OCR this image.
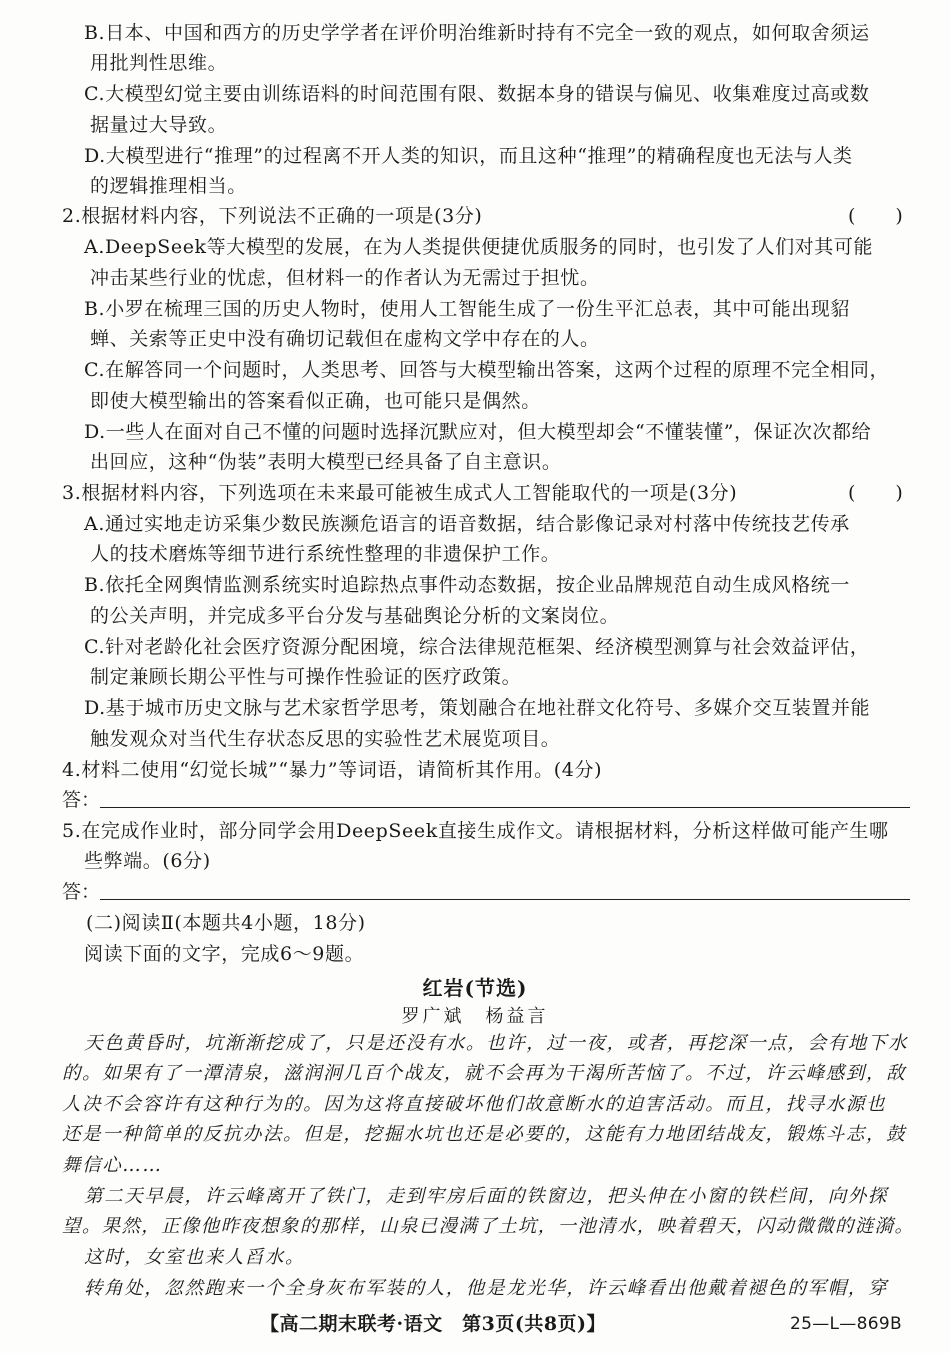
B.日本、中国和西方的历史学学者在评价明治维新时持有不完全一致的观点，如何取舍须运
用批判性思维。
C.大模型幻觉主要由训练语料的时间范围有限、数据本身的错误与偏见、收集难度过高或数
据量过大导致。
D.大模型进行“推理”的过程离不开人类的知识，而且这种“推理”的精确程度也无法与人类
的逻辑推理相当。
2.根据材料内容，下列说法不正确的一项是(3分)	()
A.DeepSeek等大模型的发展，在为人类提供便捷优质服务的同时，也引发了人们对其可能
冲击某些行业的忧虑，但材料一的作者认为无需过于担忧。
B.小罗在梳理三国的历史人物时，使用人工智能生成了一份生平汇总表，其中可能出现貂
蝉、关索等正史中没有确切记载但在虚构文学中存在的人。
C.在解答同一个问题时，人类思考、回答与大模型输出答案，这两个过程的原理不完全相同，
即使大模型输出的答案看似正确，也可能只是偶然。
D.一些人在面对自己不懂的问题时选择沉默应对，但大模型却会“不懂装懂”，保证次次都给
出回应，这种“伪装”表明大模型已经具备了自主意识。
3.根据材料内容，下列选项在未来最可能被生成式人工智能取代的一项是(3分)	()
A.通过实地走访采集少数民族濒危语言的语音数据，结合影像记录对村落中传统技艺传承
人的技术磨炼等细节进行系统性整理的非遗保护工作。
B.依托全网舆情监测系统实时追踪热点事件动态数据，按企业品牌规范自动生成风格统一
的公关声明，并完成多平台分发与基础舆论分析的文案岗位。
C.针对老龄化社会医疗资源分配困境，综合法律规范框架、经济模型测算与社会效益评估，
制定兼顾长期公平性与可操作性验证的医疗政策。
D.基于城市历史文脉与艺术家哲学思考，策划融合在地社群文化符号、多媒介交互装置并能
触发观众对当代生存状态反思的实验性艺术展览项目。
4.材料二使用“幻觉长城”“暴力”等词语，请简析其作用。(4分)
答：
5.在完成作业时，部分同学会用DeepSeek直接生成作文。请根据材料，分析这样做可能产生哪
些弊端。(6分)
答：
(二)阅读Ⅱ(本题共4小题，18分)
阅读下面的文字，完成6～9题。
红岩(节选)
罗广斌　杨益言
天色黄昏时，坑渐渐挖成了，只是还没有水。也许，过一夜，或者，再挖深一点，会有地下水
的。如果有了一潭清泉，滋润泂几百个战友，就不会再为干渴所苦恼了。不过，许云峰感到，敌
人决不会容许有这种行为的。因为这将直接破坏他们故意断水的迫害活动。而且，找寻水源也
还是一种简单的反抗办法。但是，挖掘水坑也还是必要的，这能有力地团结战友，锻炼斗志，鼓
舞信心……
第二天早晨，许云峰离开了铁门，走到牢房后面的铁窗边，把头伸在小窗的铁栏间，向外探
望。果然，正像他昨夜想象的那样，山泉已漫满了土坑，一池清水，映着碧天，闪动微微的涟漪。
这时，女室也来人舀水。
转角处，忽然跑来一个全身灰布军装的人，他是龙光华，许云峰看出他戴着褪色的军帽，穿
【高二期末联考·语文　第3页(共8页)】	25—L—869B
